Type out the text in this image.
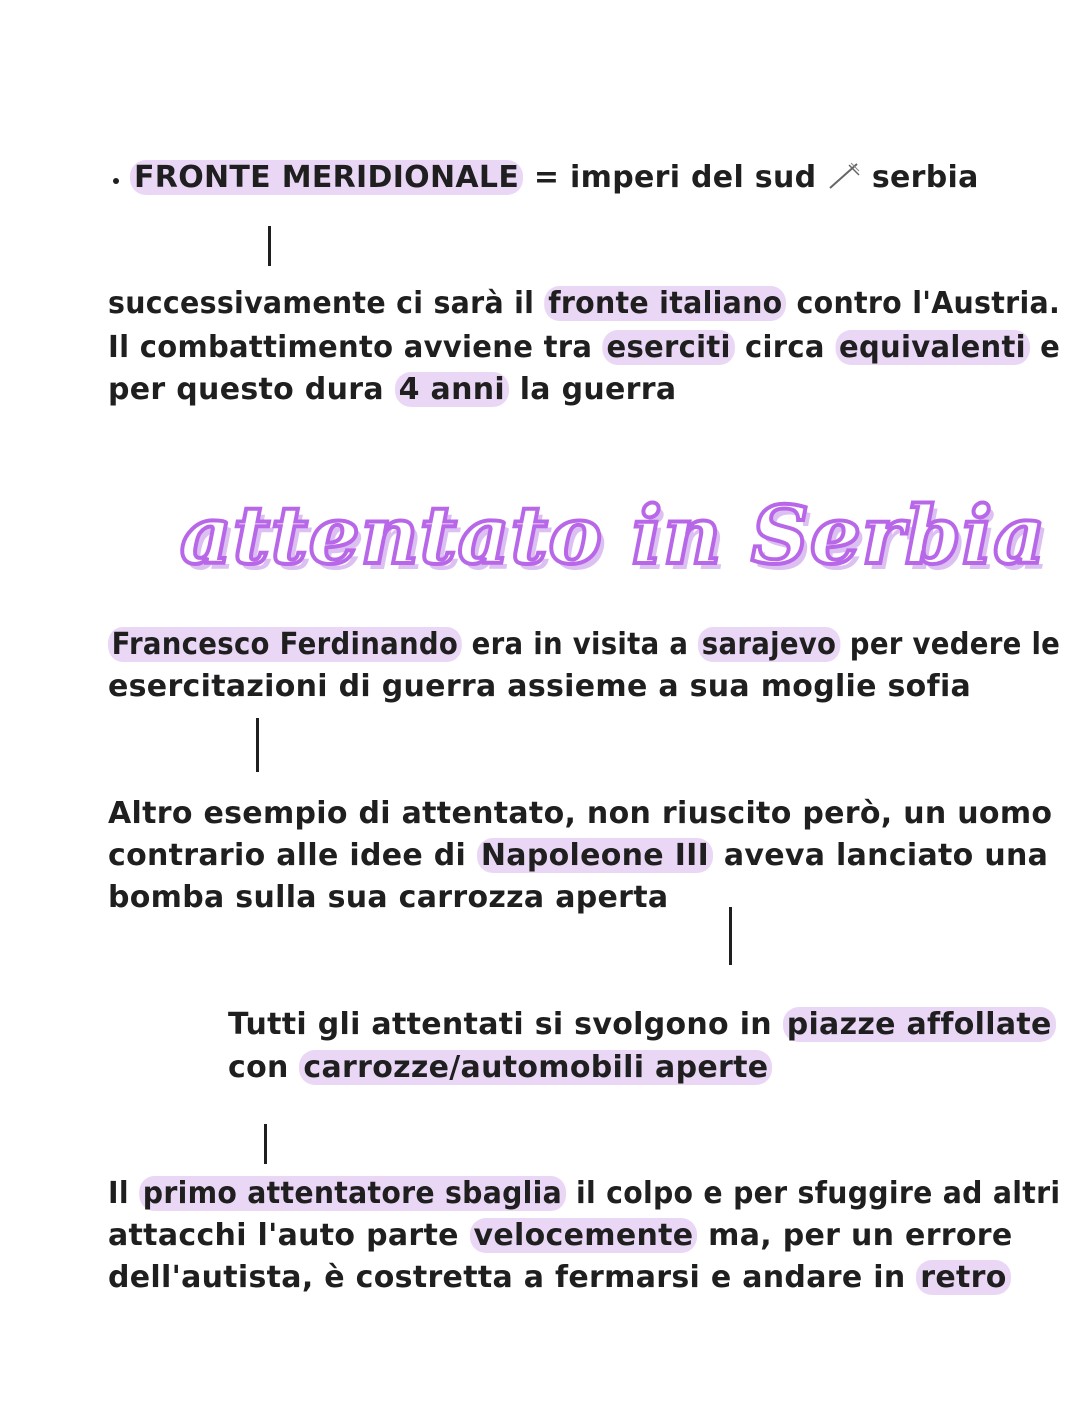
FRONTE MERIDIONALE = imperi del sud  serbia
successivamente ci sarà il fronte italiano contro l'Austria.
Il combattimento avviene tra eserciti circa equivalenti e
per questo dura 4 anni la guerra
attentato in Serbia
Francesco Ferdinando era in visita a sarajevo per vedere le
esercitazioni di guerra assieme a sua moglie sofia
Altro esempio di attentato, non riuscito però, un uomo
contrario alle idee di Napoleone III aveva lanciato una
bomba sulla sua carrozza aperta
Tutti gli attentati si svolgono in piazze affollate
con carrozze/automobili aperte
Il primo attentatore sbaglia il colpo e per sfuggire ad altri
attacchi l'auto parte velocemente ma, per un errore
dell'autista, è costretta a fermarsi e andare in retro
